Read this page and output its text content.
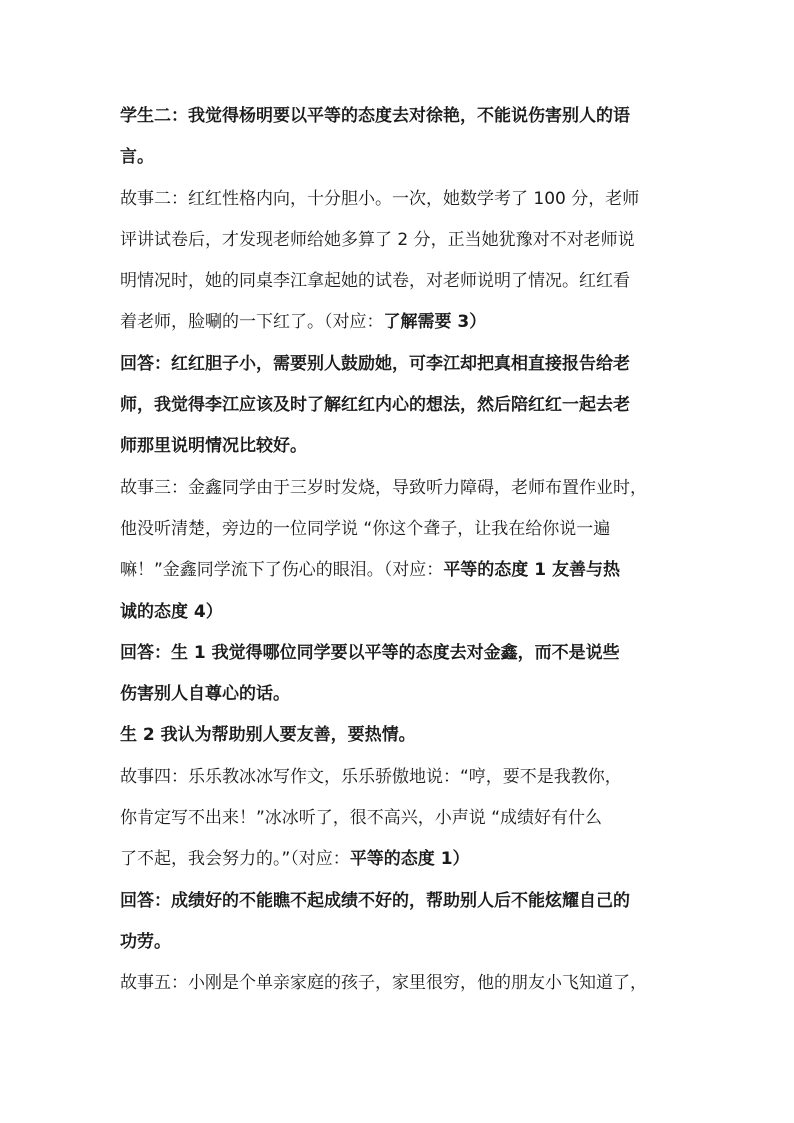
学生二：我觉得杨明要以平等的态度去对徐艳，不能说伤害别人的语
言。
故事二：红红性格内向，十分胆小。一次，她数学考了 100 分，老师
评讲试卷后，才发现老师给她多算了 2 分，正当她犹豫对不对老师说
明情况时，她的同桌李江拿起她的试卷，对老师说明了情况。红红看
着老师，脸唰的一下红了。（对应：了解需要 3）
回答：红红胆子小，需要别人鼓励她，可李江却把真相直接报告给老
师，我觉得李江应该及时了解红红内心的想法，然后陪红红一起去老
师那里说明情况比较好。
故事三：金鑫同学由于三岁时发烧，导致听力障碍，老师布置作业时，
他没听清楚，旁边的一位同学说 “你这个聋子，让我在给你说一遍
嘛！”金鑫同学流下了伤心的眼泪。（对应：平等的态度 1 友善与热
诚的态度 4）
回答：生 1 我觉得哪位同学要以平等的态度去对金鑫，而不是说些
伤害别人自尊心的话。
生 2 我认为帮助别人要友善，要热情。
故事四：乐乐教冰冰写作文，乐乐骄傲地说：“哼，要不是我教你，
你肯定写不出来！”冰冰听了，很不高兴，小声说 “成绩好有什么
了不起，我会努力的。”（对应：平等的态度 1）
回答：成绩好的不能瞧不起成绩不好的，帮助别人后不能炫耀自己的
功劳。
故事五：小刚是个单亲家庭的孩子，家里很穷，他的朋友小飞知道了，
